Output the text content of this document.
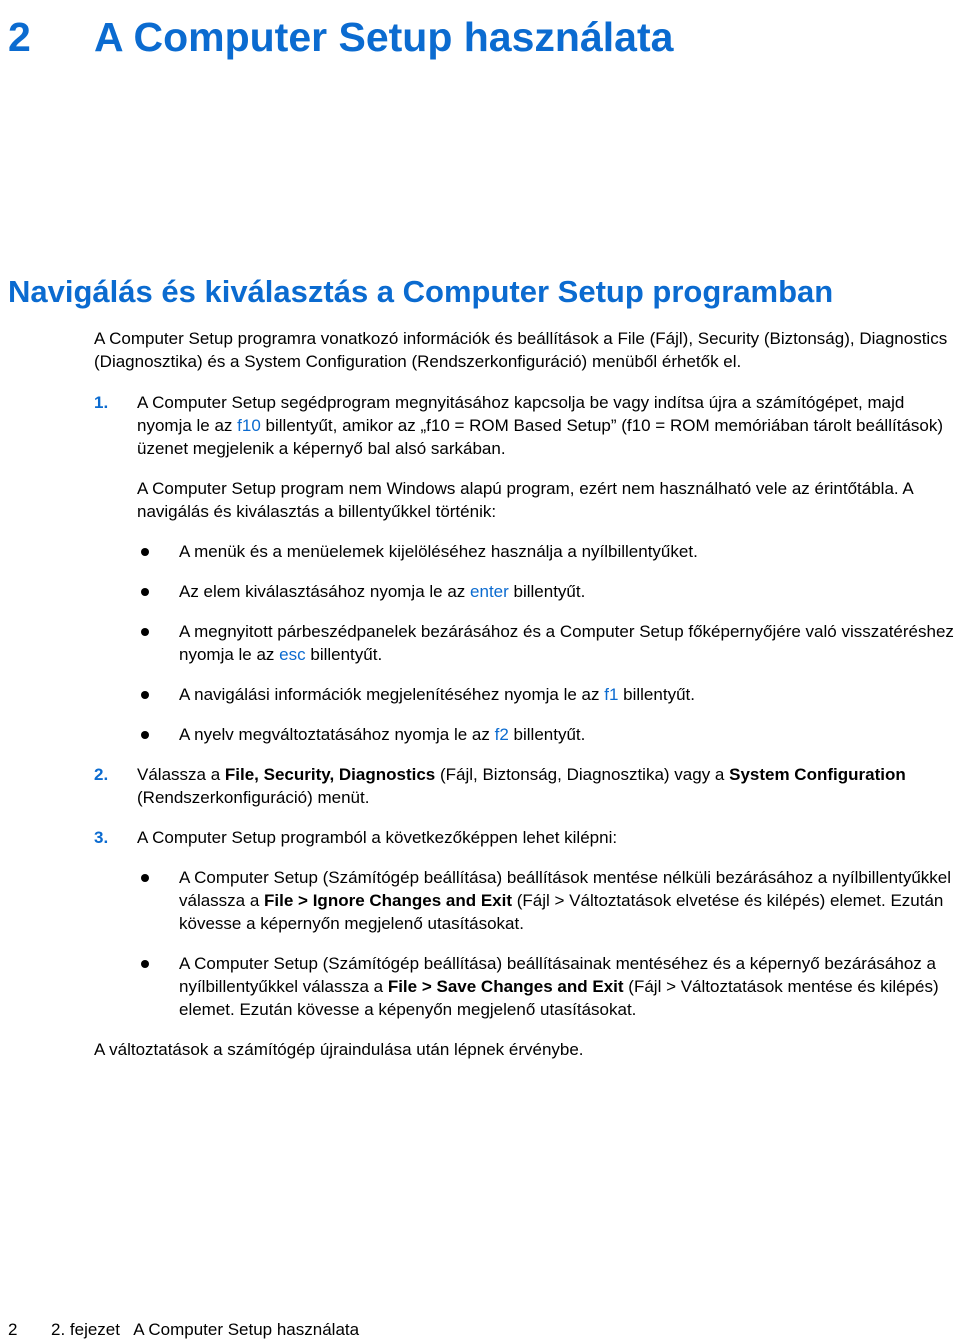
2 A Computer Setup használata
Navigálás és kiválasztás a Computer Setup programban

A Computer Setup programra vonatkozó információk és beállítások a File (Fájl), Security (Biztonság), Diagnostics (Diagnosztika) és a System Configuration (Rendszerkonfiguráció) menüből érhetők el.

1. A Computer Setup segédprogram megnyitásához kapcsolja be vagy indítsa újra a számítógépet, majd nyomja le az f10 billentyűt, amikor az „f10 = ROM Based Setup” (f10 = ROM memóriában tárolt beállítások) üzenet megjelenik a képernyő bal alsó sarkában.

A Computer Setup program nem Windows alapú program, ezért nem használható vele az érintőtábla. A navigálás és kiválasztás a billentyűkkel történik:

A menük és a menüelemek kijelöléséhez használja a nyílbillentyűket.
Az elem kiválasztásához nyomja le az enter billentyűt.
A megnyitott párbeszédpanelek bezárásához és a Computer Setup főképernyőjére való visszatéréshez nyomja le az esc billentyűt.
A navigálási információk megjelenítéséhez nyomja le az f1 billentyűt.
A nyelv megváltoztatásához nyomja le az f2 billentyűt.
2. Válassza a File, Security, Diagnostics (Fájl, Biztonság, Diagnosztika) vagy a System Configuration (Rendszerkonfiguráció) menüt.

3. A Computer Setup programból a következőképpen lehet kilépni:

A Computer Setup (Számítógép beállítása) beállítások mentése nélküli bezárásához a nyílbillentyűkkel válassza a File > Ignore Changes and Exit (Fájl > Változtatások elvetése és kilépés) elemet. Ezután kövesse a képernyőn megjelenő utasításokat.
A Computer Setup (Számítógép beállítása) beállításainak mentéséhez és a képernyő bezárásához a nyílbillentyűkkel válassza a File > Save Changes and Exit (Fájl > Változtatások mentése és kilépés) elemet. Ezután kövesse a képenyőn megjelenő utasításokat.

A változtatások a számítógép újraindulása után lépnek érvénybe.

2 2. fejezet   A Computer Setup használata
